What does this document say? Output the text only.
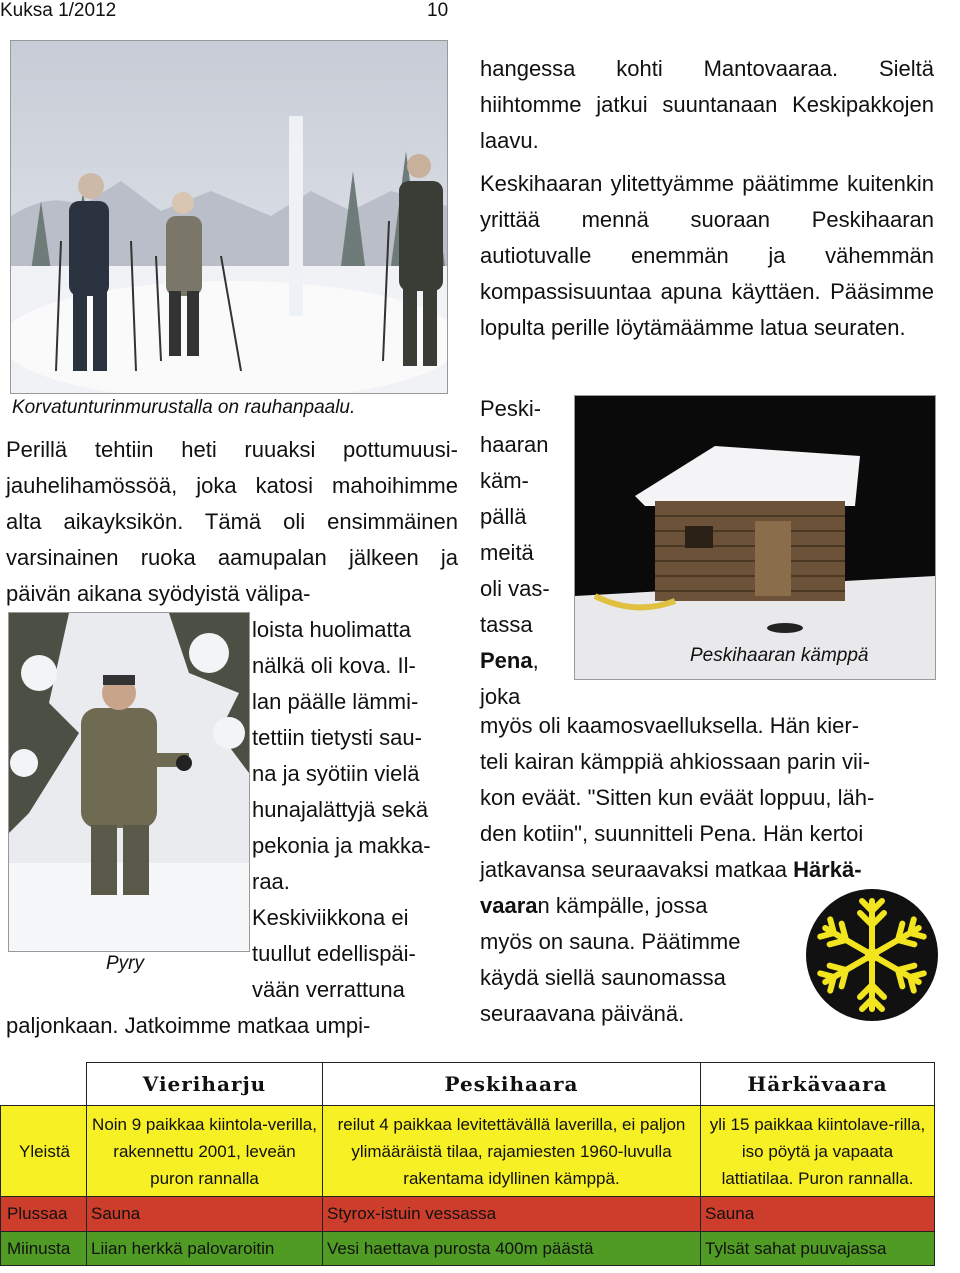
Kuksa 1/2012	10
Korvatunturinmurustalla on rauhanpaalu.

Perillä tehtiin heti ruuaksi pottumuusi-jauhelihamössöä, joka katosi mahoihimme alta aikayksikön. Tämä oli ensimmäinen varsinainen ruoka aamupalan jälkeen ja päivän aikana syödyistä välipa-

Pyry

loista huolimatta

nälkä oli kova. Il-

lan päälle lämmi-

tettiin tietysti sau-

na ja syötiin vielä

hunajalättyjä sekä

pekonia ja makka-

raa.

Keskiviikkona ei

tuullut edellispäi-

vään verrattuna

paljonkaan. Jatkoimme matkaa umpi-

hangessa kohti Mantovaaraa. Sieltä hiihtomme jatkui suuntanaan Keskipakkojen laavu.

Keskihaaran ylitettyämme päätimme kuitenkin yrittää mennä suoraan Peskihaaran autiotuvalle enemmän ja vähemmän kompassisuuntaa apuna käyttäen. Pääsimme lopulta perille löytämäämme latua seuraten.

Peski-

haaran

käm-

pällä

meitä

oli vas-

tassa

Pena,

joka

Peskihaaran kämppä

myös oli kaamosvaelluksella. Hän kier-

teli kairan kämppiä ahkiossaan parin vii-

kon eväät. "Sitten kun eväät loppuu, läh-

den kotiin", suunnitteli Pena. Hän kertoi

jatkavansa seuraavaksi matkaa Härkä-

vaaran kämpälle, jossa

myös on sauna. Päätimme

käydä siellä saunomassa

seuraavana päivänä.

	Vieriharju	Peskihaara	Härkävaara
Yleistä	Noin 9 paikkaa kiintola-verilla, rakennettu 2001, leveän puron rannalla	reilut 4 paikkaa levitettävällä laverilla, ei paljon ylimääräistä tilaa, rajamiesten 1960-luvulla rakentama idyllinen kämppä.	yli 15 paikkaa kiintolave-rilla, iso pöytä ja vapaata lattiatilaa. Puron rannalla.
Plussaa	Sauna	Styrox-istuin vessassa	Sauna
Miinusta	Liian herkkä palovaroitin	Vesi haettava purosta 400m päästä	Tylsät sahat puuvajassa
